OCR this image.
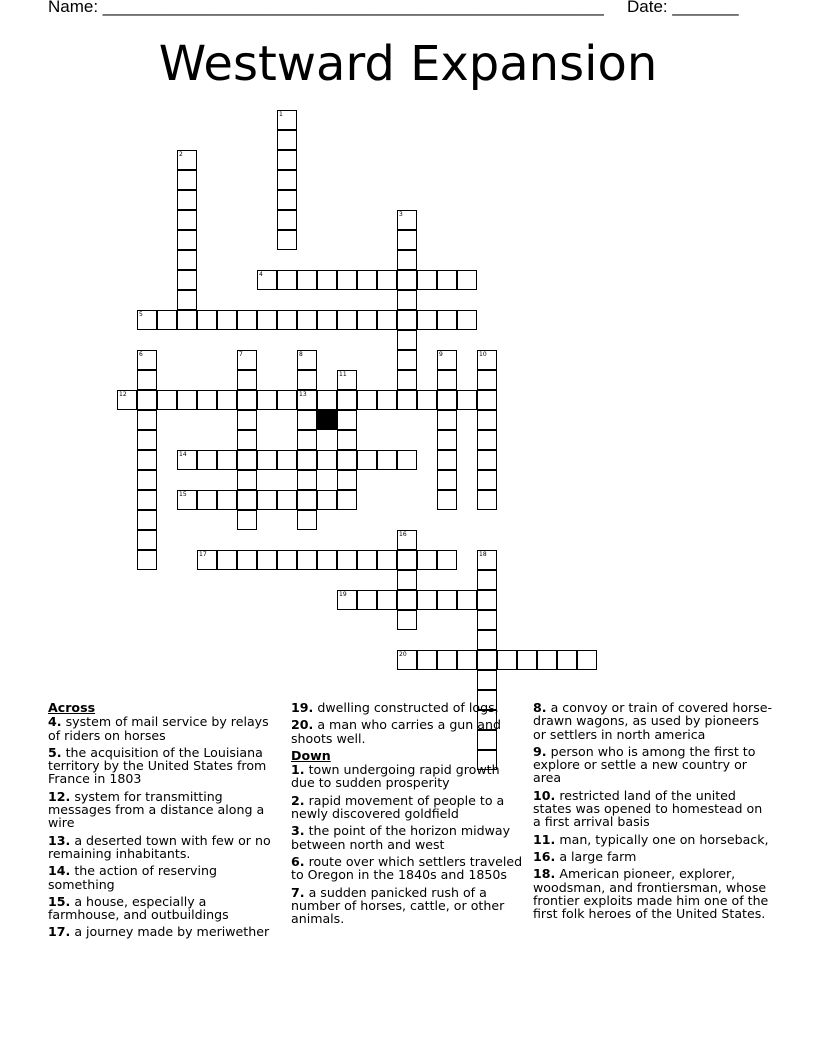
Name: _____________________________________________________ Date: _______
Westward Expansion
1
2
3
4
5
6	7	8
13
9	10
11
12
14
15
16
17	18
19
20
Across
4. system of mail service by relays of riders on horses
5. the acquisition of the Louisiana territory by the United States from France in 1803
12. system for transmitting messages from a distance along a wire
13. a deserted town with few or no remaining inhabitants.
14. the action of reserving something
15. a house, especially a farmhouse, and outbuildings
17. a journey made by meriwether
19. dwelling constructed of logs,
20. a man who carries a gun and shoots well.
Down
1. town undergoing rapid growth due to sudden prosperity
2. rapid movement of people to a newly discovered goldfield
3. the point of the horizon midway between north and west
6. route over which settlers traveled to Oregon in the 1840s and 1850s
7. a sudden panicked rush of a number of horses, cattle, or other animals.
8. a convoy or train of covered horse-drawn wagons, as used by pioneers or settlers in north america
9. person who is among the first to explore or settle a new country or area
10. restricted land of the united states was opened to homestead on a first arrival basis
11. man, typically one on horseback,
16. a large farm
18. American pioneer, explorer, woodsman, and frontiersman, whose frontier exploits made him one of the first folk heroes of the United States.
